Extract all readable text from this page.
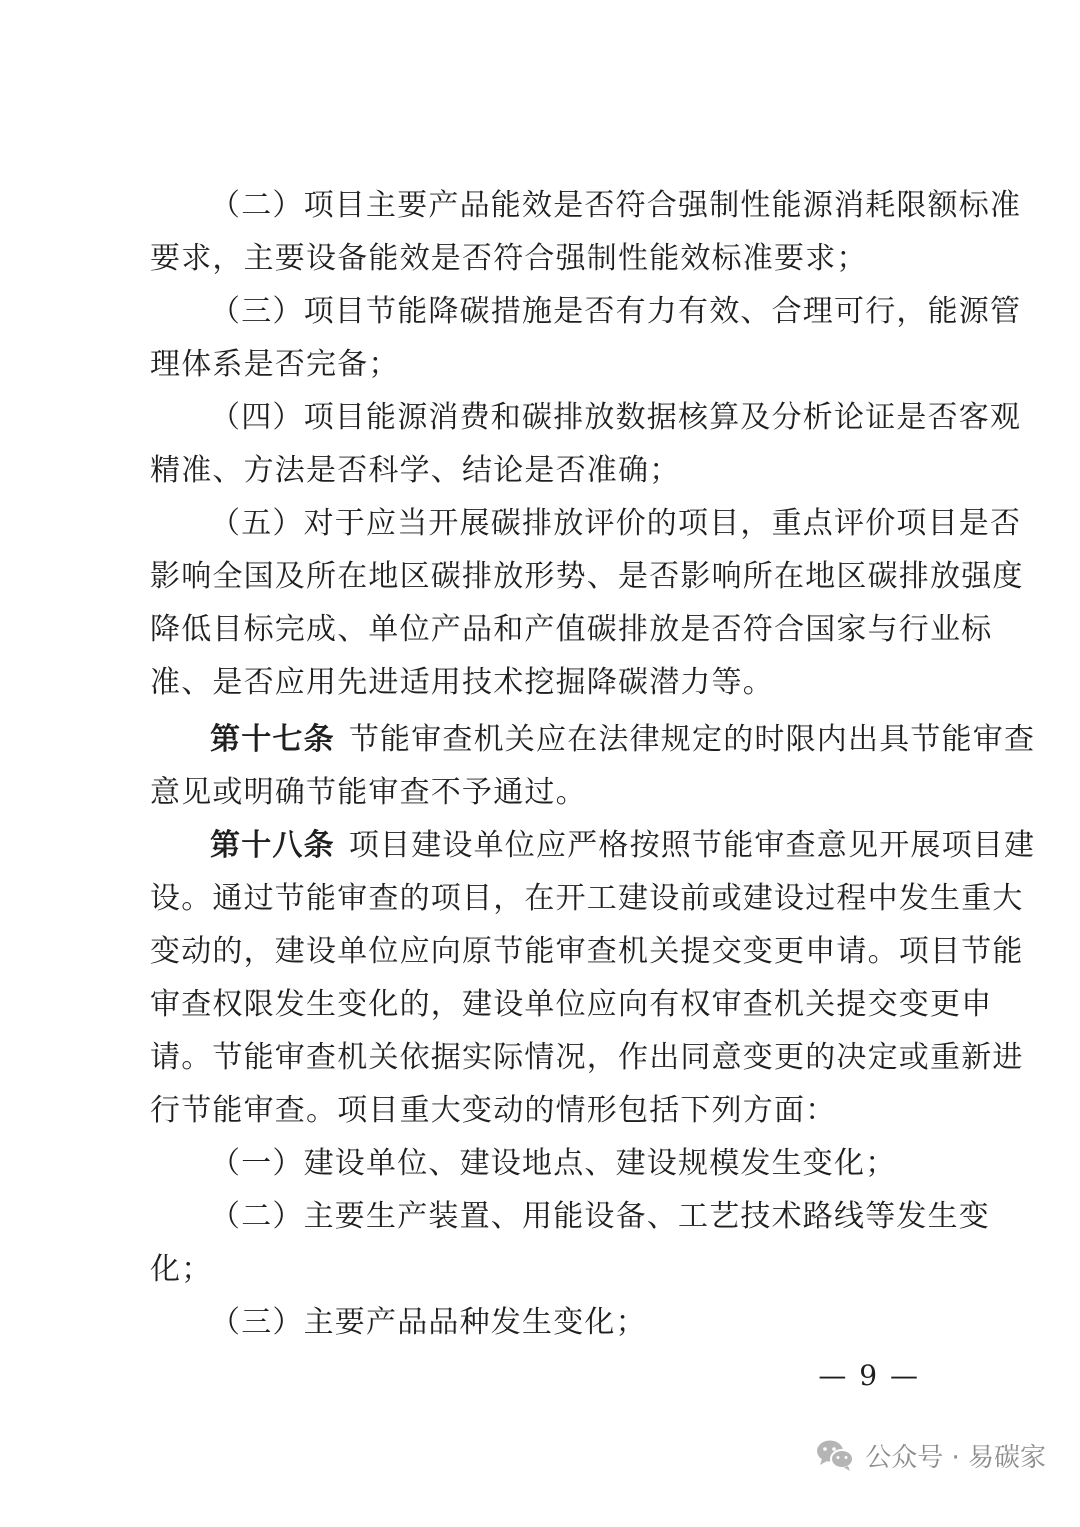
（二）项目主要产品能效是否符合强制性能源消耗限额标准
要求，主要设备能效是否符合强制性能效标准要求；
（三）项目节能降碳措施是否有力有效、合理可行，能源管
理体系是否完备；
（四）项目能源消费和碳排放数据核算及分析论证是否客观
精准、方法是否科学、结论是否准确；
（五）对于应当开展碳排放评价的项目，重点评价项目是否
影响全国及所在地区碳排放形势、是否影响所在地区碳排放强度
降低目标完成、单位产品和产值碳排放是否符合国家与行业标
准、是否应用先进适用技术挖掘降碳潜力等。
第十七条 节能审查机关应在法律规定的时限内出具节能审查
意见或明确节能审查不予通过。
第十八条 项目建设单位应严格按照节能审查意见开展项目建
设。通过节能审查的项目，在开工建设前或建设过程中发生重大
变动的，建设单位应向原节能审查机关提交变更申请。项目节能
审查权限发生变化的，建设单位应向有权审查机关提交变更申
请。节能审查机关依据实际情况，作出同意变更的决定或重新进
行节能审查。项目重大变动的情形包括下列方面：
（一）建设单位、建设地点、建设规模发生变化；
（二）主要生产装置、用能设备、工艺技术路线等发生变
化；
（三）主要产品品种发生变化；
— 9 —
公众号 · 易碳家
